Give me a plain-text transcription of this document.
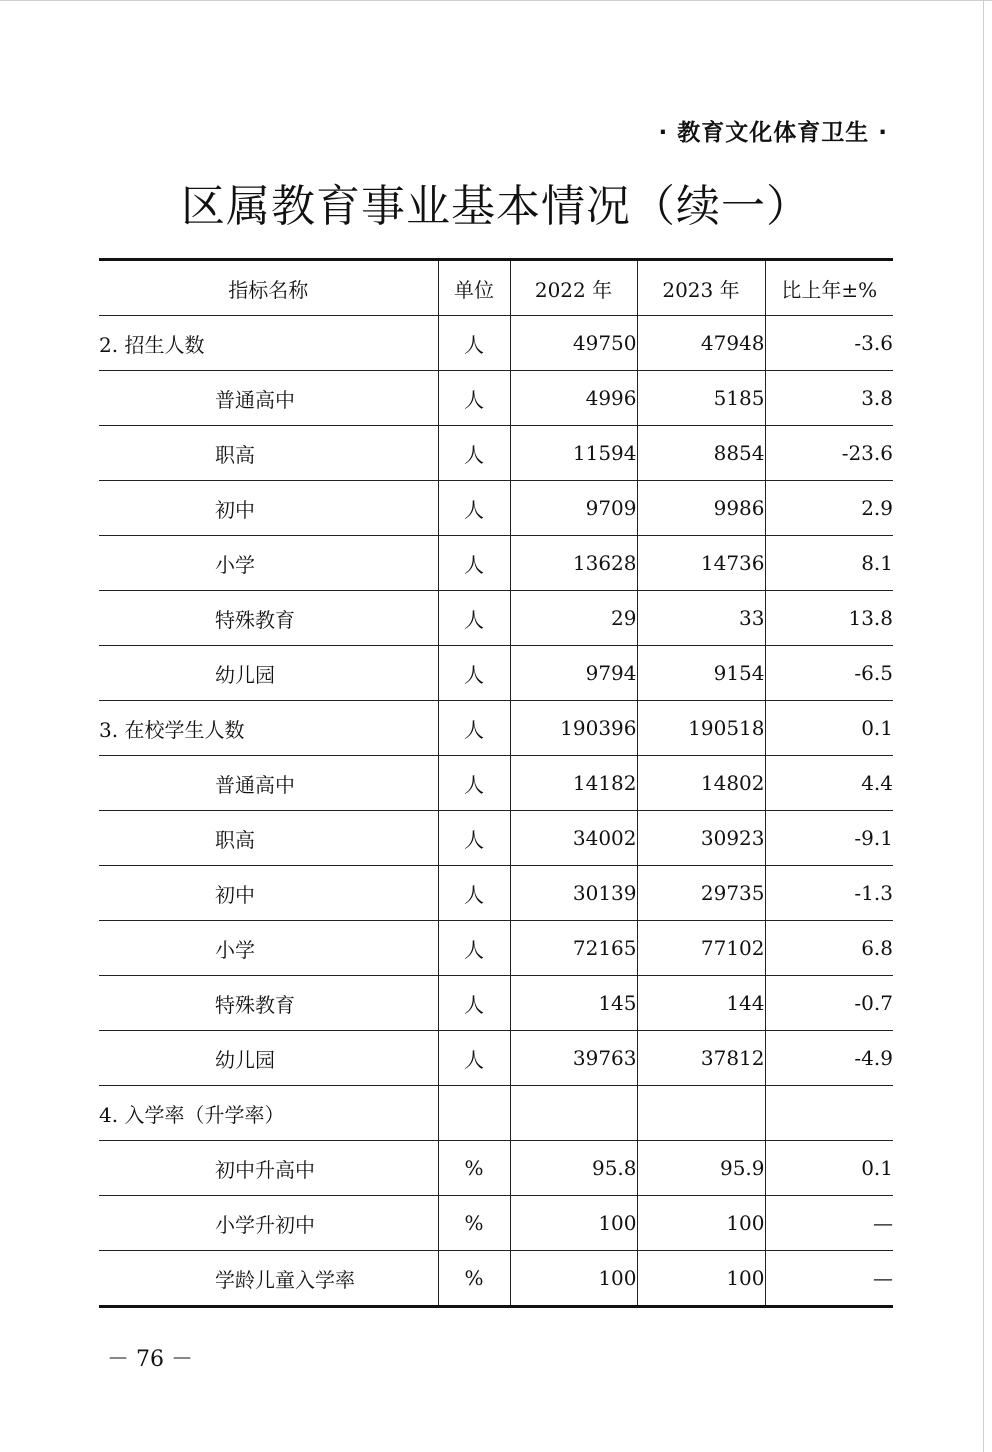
· 教育文化体育卫生 ·
区属教育事业基本情况（续一）
指标名称	单位	2022 年	2023 年	比上年±%
2. 招生人数	人	49750	47948	-3.6
普通高中	人	4996	5185	3.8
职高	人	11594	8854	-23.6
初中	人	9709	9986	2.9
小学	人	13628	14736	8.1
特殊教育	人	29	33	13.8
幼儿园	人	9794	9154	-6.5
3. 在校学生人数	人	190396	190518	0.1
普通高中	人	14182	14802	4.4
职高	人	34002	30923	-9.1
初中	人	30139	29735	-1.3
小学	人	72165	77102	6.8
特殊教育	人	145	144	-0.7
幼儿园	人	39763	37812	-4.9
4. 入学率（升学率）				
初中升高中	%	95.8	95.9	0.1
小学升初中	%	100	100	—
学龄儿童入学率	%	100	100	—
－ 76 －
